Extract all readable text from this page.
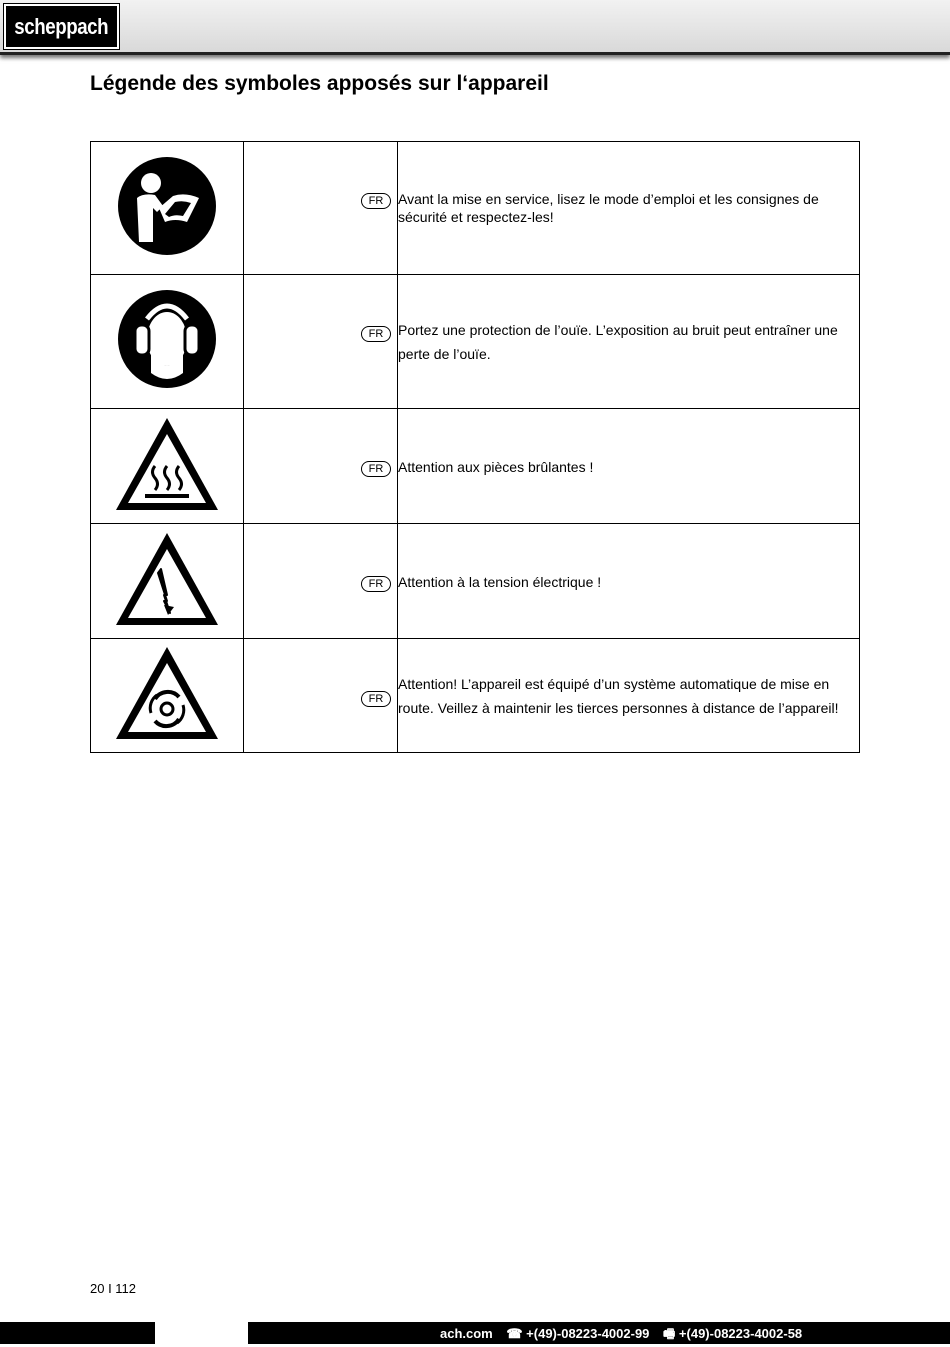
scheppach
Légende des symboles apposés sur l‘appareil

FR	Avant la mise en service, lisez le mode d’emploi et les consignes de sécurité et respectez-les!

FR	Portez une protection de l’ouïe. L’exposition au bruit peut entraîner une perte de l’ouïe.

FR	Attention aux pièces brûlantes !

FR	Attention à la tension électrique !

FR	Attention! L’appareil est équipé d’un système automatique de mise en route. Veillez à maintenir les tierces personnes à distance de l’appareil!
20 I 112
ach.com ☎ +(49)-08223-4002-99 🖷 +(49)-08223-4002-58
